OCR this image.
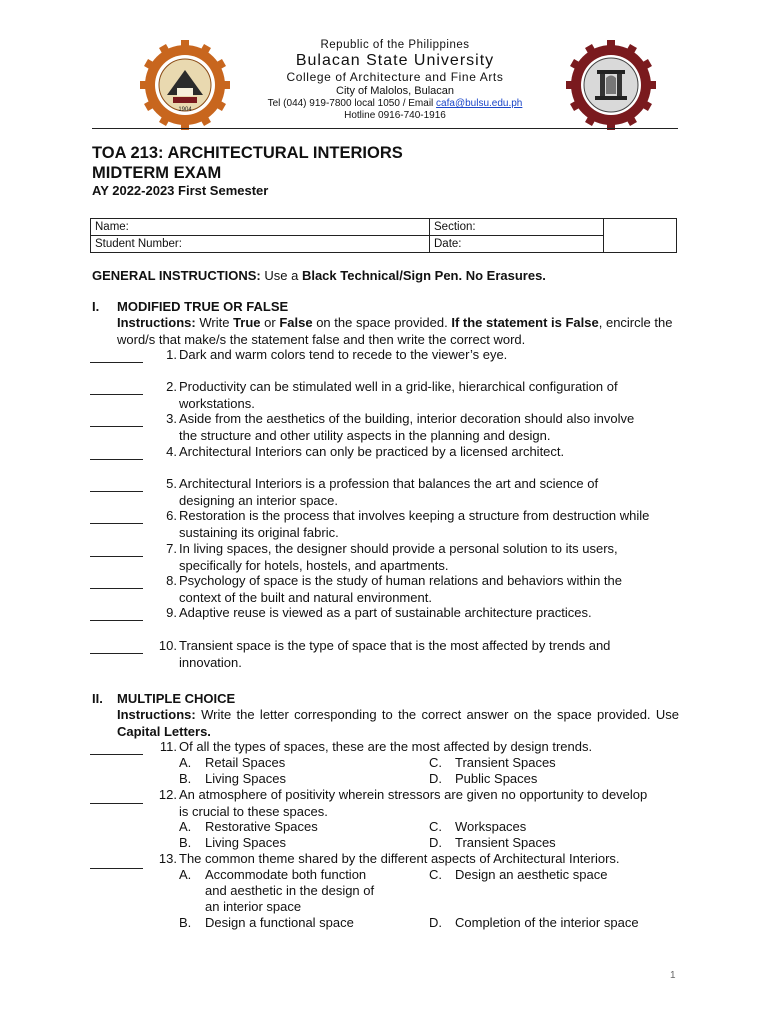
1904
Republic of the Philippines
Bulacan State University
College of Architecture and Fine Arts
City of Malolos, Bulacan
Tel (044) 919-7800 local 1050 / Email cafa@bulsu.edu.ph
Hotline 0916-740-1916
TOA 213: ARCHITECTURAL INTERIORS
MIDTERM EXAM
AY 2022-2023 First Semester
Name:	Section:	
Student Number:	Date:	
GENERAL INSTRUCTIONS: Use a Black Technical/Sign Pen. No Erasures.
I. MODIFIED TRUE OR FALSE
Instructions: Write True or False on the space provided. If the statement is False, encircle the word/s that make/s the statement false and then write the correct word.
1. Dark and warm colors tend to recede to the viewer’s eye.
2. Productivity can be stimulated well in a grid-like, hierarchical configuration of
workstations.
3. Aside from the aesthetics of the building, interior decoration should also involve
the structure and other utility aspects in the planning and design.
4. Architectural Interiors can only be practiced by a licensed architect.
5. Architectural Interiors is a profession that balances the art and science of
designing an interior space.
6. Restoration is the process that involves keeping a structure from destruction while
sustaining its original fabric.
7. In living spaces, the designer should provide a personal solution to its users,
specifically for hotels, hostels, and apartments.
8. Psychology of space is the study of human relations and behaviors within the
context of the built and natural environment.
9. Adaptive reuse is viewed as a part of sustainable architecture practices.
10. Transient space is the type of space that is the most affected by trends and
innovation.
II. MULTIPLE CHOICE
Instructions: Write the letter corresponding to the correct answer on the space provided. Use Capital Letters.
11. Of all the types of spaces, these are the most affected by design trends.
A. Retail Spaces
B. Living Spaces
C. Transient Spaces
D. Public Spaces
12. An atmosphere of positivity wherein stressors are given no opportunity to develop
is crucial to these spaces.
A. Restorative Spaces
B. Living Spaces
C. Workspaces
D. Transient Spaces
13. The common theme shared by the different aspects of Architectural Interiors.
A. Accommodate both function
and aesthetic in the design of
an interior space
B. Design a functional space
C. Design an aesthetic space
D. Completion of the interior space
1
